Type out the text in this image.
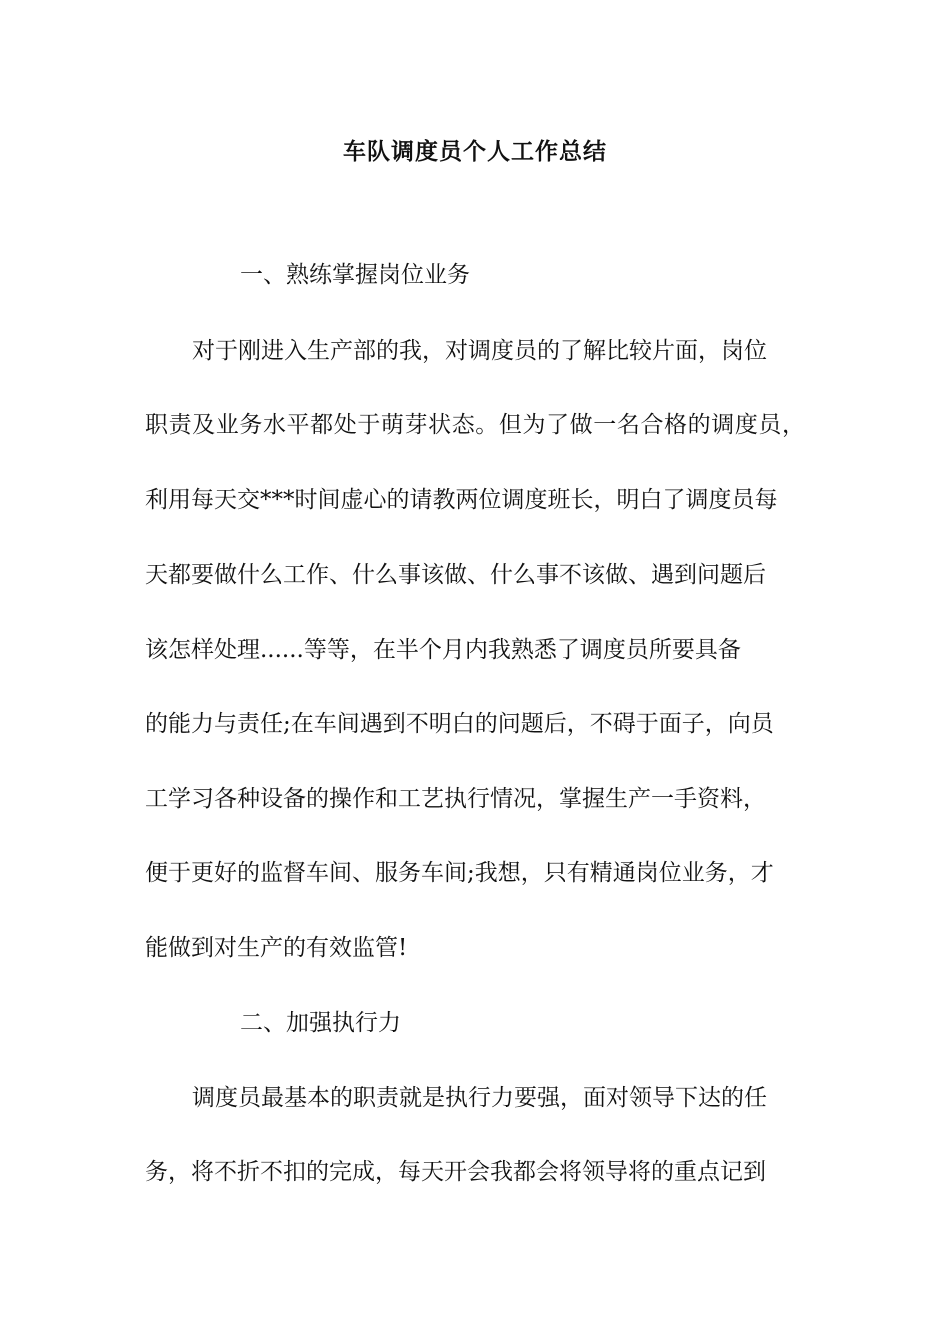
车队调度员个人工作总结
一、熟练掌握岗位业务
对于刚进入生产部的我，对调度员的了解比较片面，岗位
职责及业务水平都处于萌芽状态。但为了做一名合格的调度员，
利用每天交***时间虚心的请教两位调度班长，明白了调度员每
天都要做什么工作、什么事该做、什么事不该做、遇到问题后
该怎样处理......等等，在半个月内我熟悉了调度员所要具备
的能力与责任;在车间遇到不明白的问题后，不碍于面子，向员
工学习各种设备的操作和工艺执行情况，掌握生产一手资料，
便于更好的监督车间、服务车间;我想，只有精通岗位业务，才
能做到对生产的有效监管!
二、加强执行力
调度员最基本的职责就是执行力要强，面对领导下达的任
务，将不折不扣的完成，每天开会我都会将领导将的重点记到
